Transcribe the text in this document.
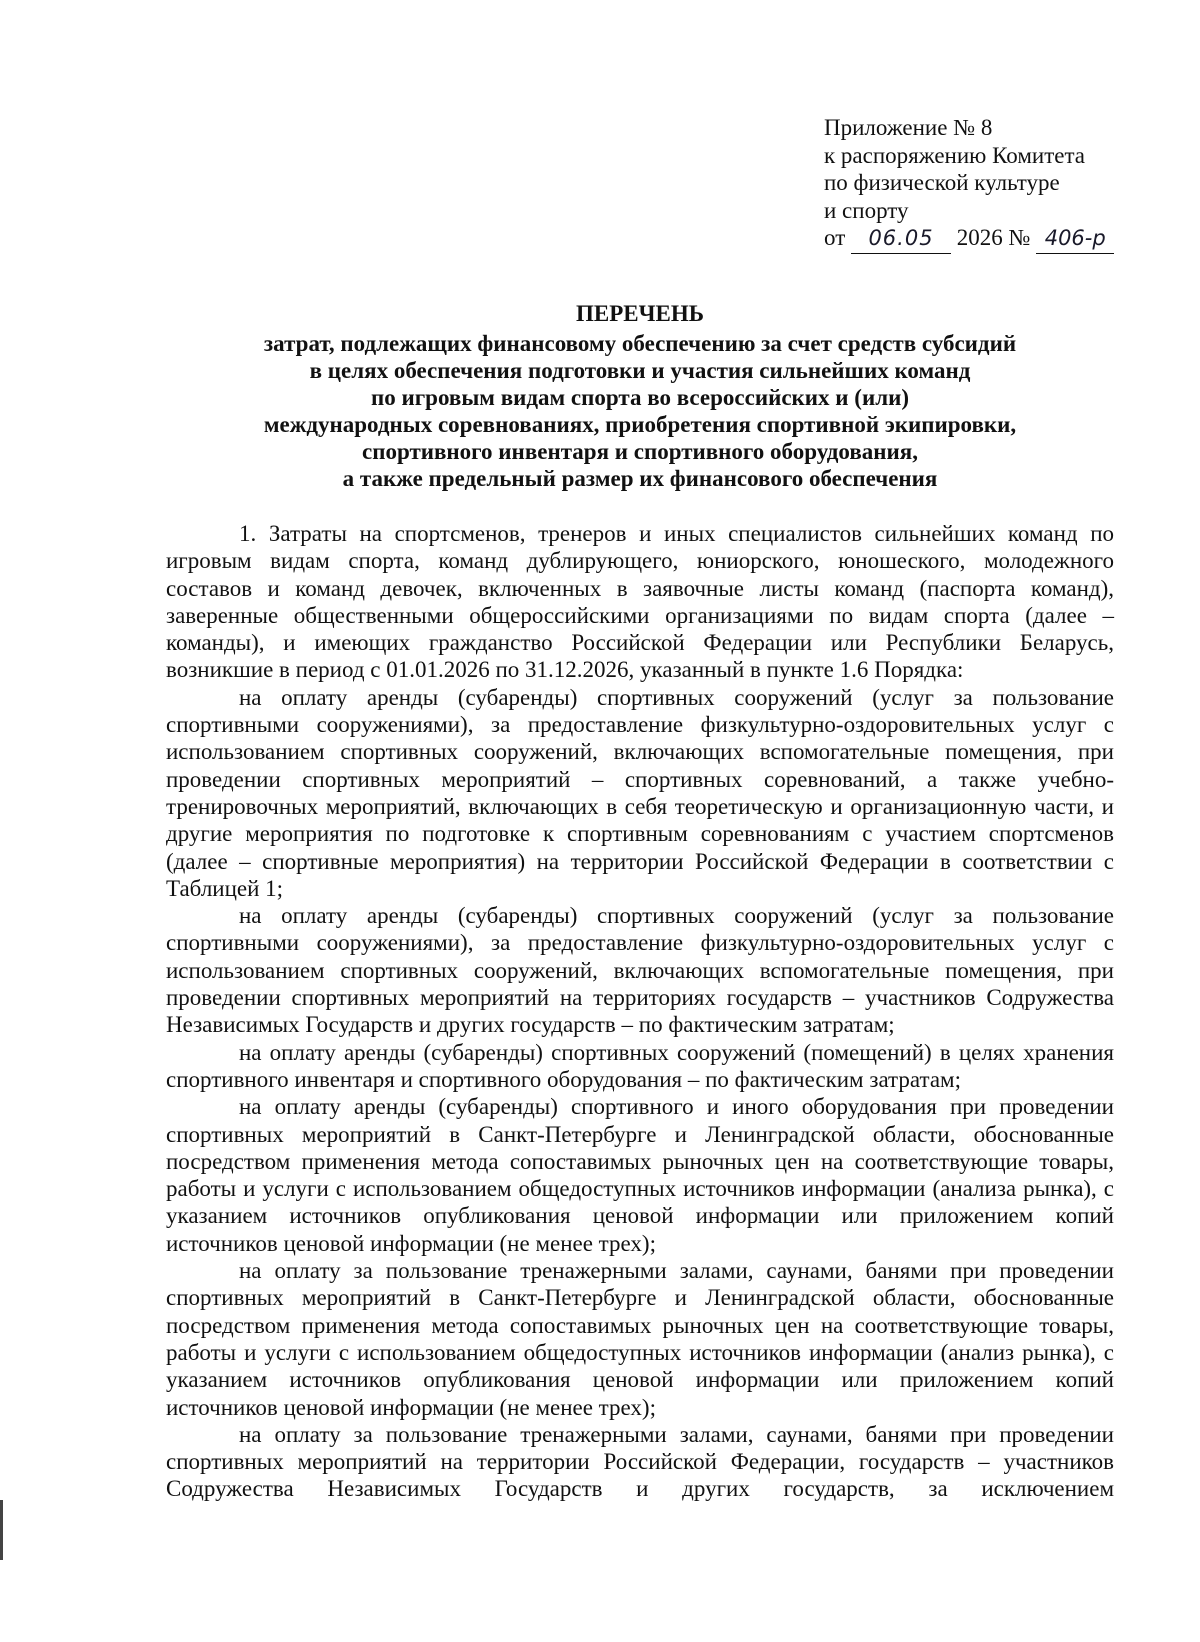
Приложение № 8
к распоряжению Комитета
по физической культуре
и спорту
от 06.05 2026 № 406-р
ПЕРЕЧЕНЬ
затрат, подлежащих финансовому обеспечению за счет средств субсидий
в целях обеспечения подготовки и участия сильнейших команд
по игровым видам спорта во всероссийских и (или)
международных соревнованиях, приобретения спортивной экипировки,
спортивного инвентаря и спортивного оборудования,
а также предельный размер их финансового обеспечения

1. Затраты на спортсменов, тренеров и иных специалистов сильнейших команд по игровым видам спорта, команд дублирующего, юниорского, юношеского, молодежного составов и команд девочек, включенных в заявочные листы команд (паспорта команд), заверенные общественными общероссийскими организациями по видам спорта (далее – команды), и имеющих гражданство Российской Федерации или Республики Беларусь, возникшие в период с 01.01.2026 по 31.12.2026, указанный в пункте 1.6 Порядка:

на оплату аренды (субаренды) спортивных сооружений (услуг за пользование спортивными сооружениями), за предоставление физкультурно-оздоровительных услуг с использованием спортивных сооружений, включающих вспомогательные помещения, при проведении спортивных мероприятий – спортивных соревнований, а также учебно-тренировочных мероприятий, включающих в себя теоретическую и организационную части, и другие мероприятия по подготовке к спортивным соревнованиям с участием спортсменов (далее – спортивные мероприятия) на территории Российской Федерации в соответствии с Таблицей 1;

на оплату аренды (субаренды) спортивных сооружений (услуг за пользование спортивными сооружениями), за предоставление физкультурно-оздоровительных услуг с использованием спортивных сооружений, включающих вспомогательные помещения, при проведении спортивных мероприятий на территориях государств – участников Содружества Независимых Государств и других государств – по фактическим затратам;

на оплату аренды (субаренды) спортивных сооружений (помещений) в целях хранения спортивного инвентаря и спортивного оборудования – по фактическим затратам;

на оплату аренды (субаренды) спортивного и иного оборудования при проведении спортивных мероприятий в Санкт-Петербурге и Ленинградской области, обоснованные посредством применения метода сопоставимых рыночных цен на соответствующие товары, работы и услуги с использованием общедоступных источников информации (анализа рынка), с указанием источников опубликования ценовой информации или приложением копий источников ценовой информации (не менее трех);

на оплату за пользование тренажерными залами, саунами, банями при проведении спортивных мероприятий в Санкт-Петербурге и Ленинградской области, обоснованные посредством применения метода сопоставимых рыночных цен на соответствующие товары, работы и услуги с использованием общедоступных источников информации (анализ рынка), с указанием источников опубликования ценовой информации или приложением копий источников ценовой информации (не менее трех);

на оплату за пользование тренажерными залами, саунами, банями при проведении спортивных мероприятий на территории Российской Федерации, государств – участников Содружества Независимых Государств и других государств, за исключением
